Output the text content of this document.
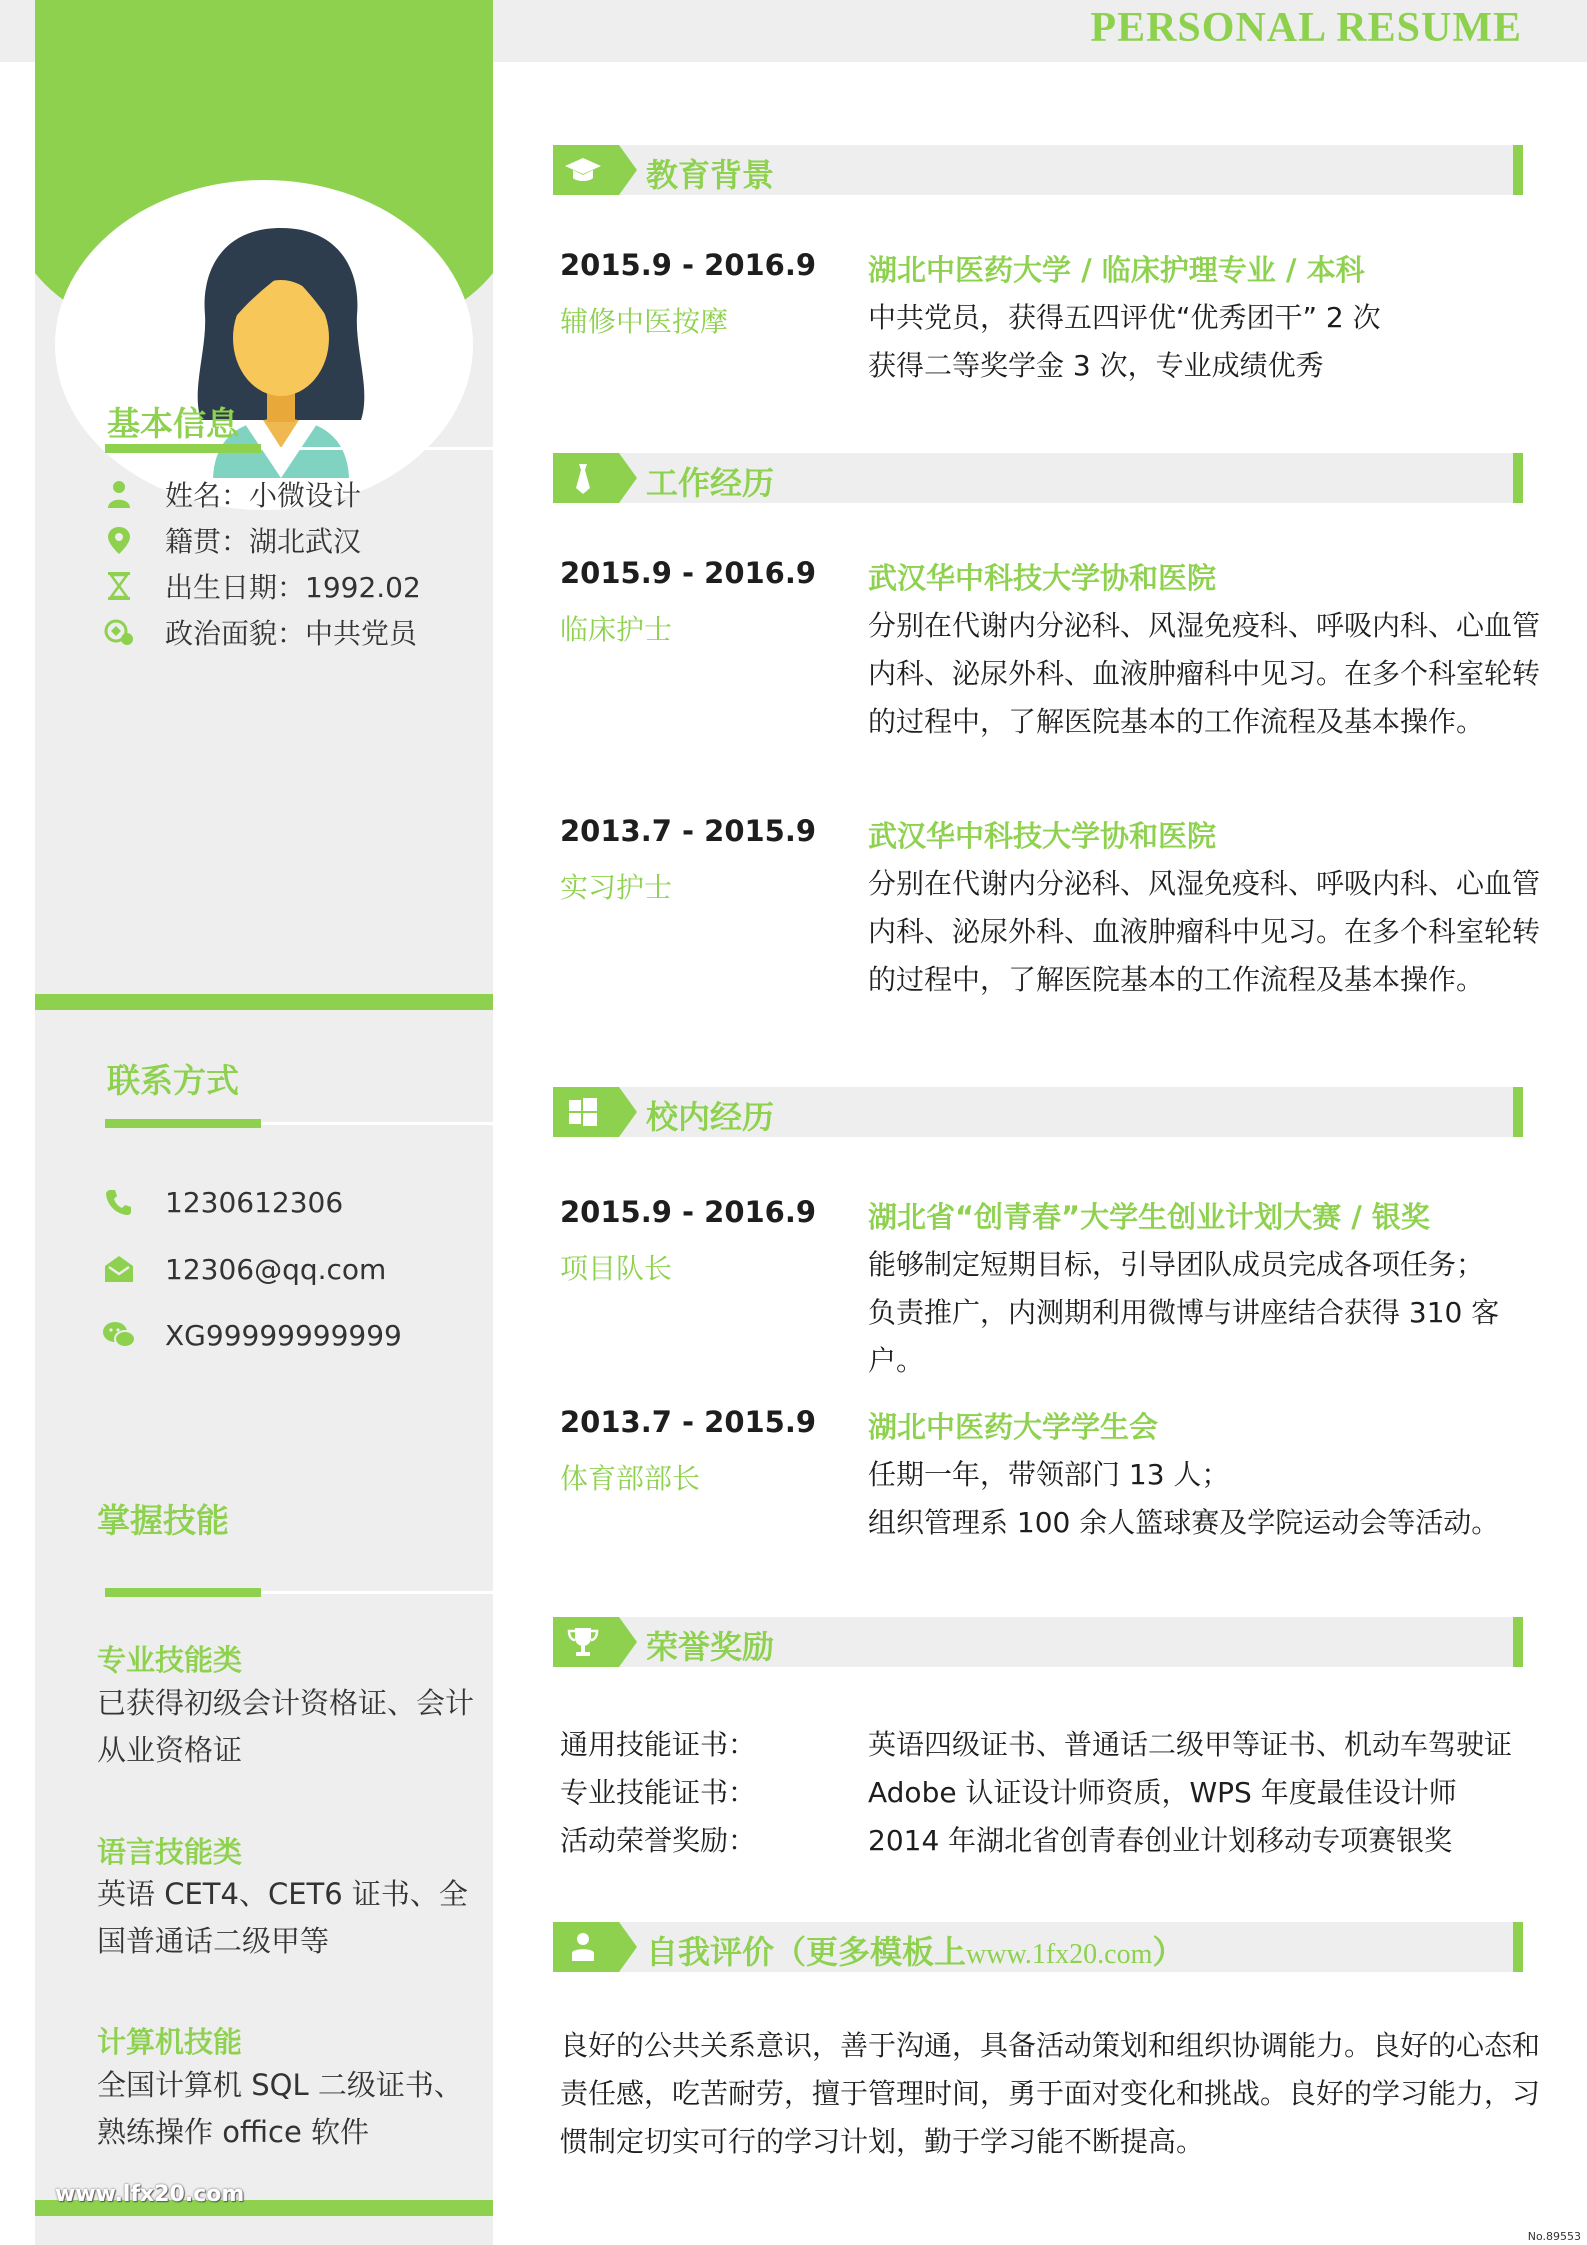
PERSONAL RESUME
基本信息
姓名：小微设计
籍贯：湖北武汉
出生日期：1992.02
政治面貌：中共党员
联系方式
1230612306
12306@qq.com
XG99999999999
掌握技能
专业技能类
已获得初级会计资格证、会计从业资格证
语言技能类
英语 CET4、CET6 证书、全国普通话二级甲等
计算机技能
全国计算机 SQL 二级证书、熟练操作 office 软件
www.lfx20.com
教育背景
2015.9 - 2016.9
辅修中医按摩
湖北中医药大学 / 临床护理专业 / 本科
中共党员，获得五四评优“优秀团干” 2 次
获得二等奖学金 3 次，专业成绩优秀
工作经历
2015.9 - 2016.9
临床护士
武汉华中科技大学协和医院
分别在代谢内分泌科、风湿免疫科、呼吸内科、心血管
内科、泌尿外科、血液肿瘤科中见习。在多个科室轮转
的过程中，了解医院基本的工作流程及基本操作。
2013.7 - 2015.9
实习护士
武汉华中科技大学协和医院
分别在代谢内分泌科、风湿免疫科、呼吸内科、心血管
内科、泌尿外科、血液肿瘤科中见习。在多个科室轮转
的过程中，了解医院基本的工作流程及基本操作。
校内经历
2015.9 - 2016.9
项目队长
湖北省“创青春”大学生创业计划大赛 / 银奖
能够制定短期目标，引导团队成员完成各项任务；
负责推广，内测期利用微博与讲座结合获得 310 客户。
2013.7 - 2015.9
体育部部长
湖北中医药大学学生会
任期一年，带领部门 13 人；
组织管理系 100 余人篮球赛及学院运动会等活动。
荣誉奖励
通用技能证书：	英语四级证书、普通话二级甲等证书、机动车驾驶证
专业技能证书：	Adobe 认证设计师资质，WPS 年度最佳设计师
活动荣誉奖励：	2014 年湖北省创青春创业计划移动专项赛银奖
自我评价（更多模板上www.1fx20.com）
良好的公共关系意识，善于沟通，具备活动策划和组织协调能力。良好的心态和责任感，吃苦耐劳，擅于管理时间，勇于面对变化和挑战。良好的学习能力，习惯制定切实可行的学习计划，勤于学习能不断提高。
No.89553
